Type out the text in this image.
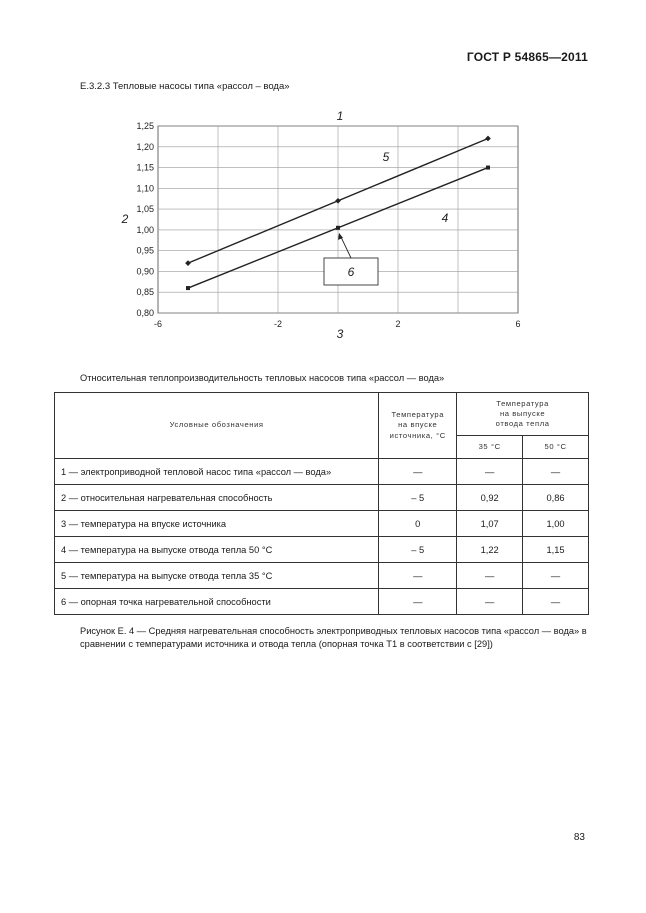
ГОСТ Р 54865—2011
Е.3.2.3 Тепловые насосы типа «рассол – вода»
0,80
0,85
0,90
0,95
1,00
1,05
1,10
1,15
1,20
1,25
-6	-2	2	6
1
2
3
4
5
6
Относительная теплопроизводительность тепловых насосов типа «рассол — вода»
Условные обозначения	Температура
на впуске
источника, °С	Температура
на выпуске
отвода тепла	
		35 °С	50 °С
1 — электроприводной тепловой насос типа «рассол — вода»	—	—	—
2 — относительная нагревательная способность	– 5	0,92	0,86
3 — температура на впуске источника	0	1,07	1,00
4 — температура на выпуске отвода тепла 50 °С	– 5	1,22	1,15
5 — температура на выпуске отвода тепла 35 °С	—	—	—
6 — опорная точка нагревательной способности	—	—	—
Рисунок Е. 4 — Средняя нагревательная способность электроприводных тепловых насосов типа «рассол — вода» в сравнении с температурами источника и отвода тепла (опорная точка Т1 в соответствии с [29])
83
